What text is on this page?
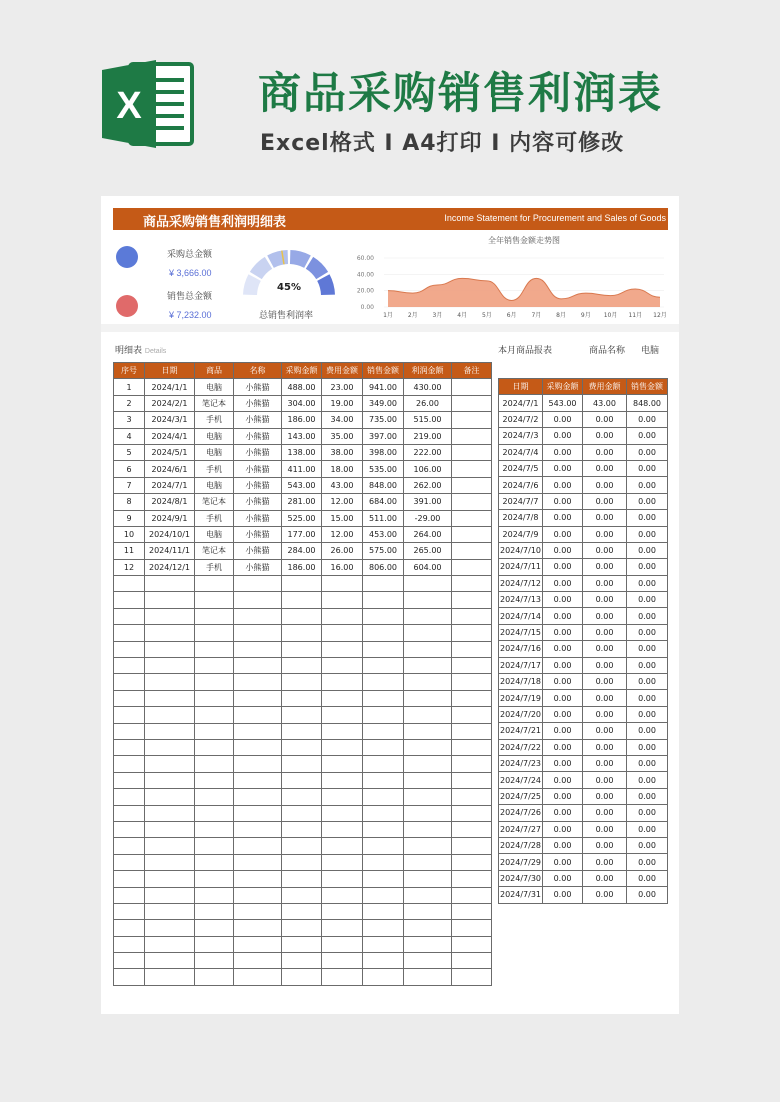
X	商品采购销售利润表
Excel格式 I A4打印 I 内容可修改
商品采购销售利润明细表	Income Statement for Procurement and Sales of Goods
采购总金额
¥ 3,666.00
销售总金额
¥ 7,232.00
45%
总销售利润率
全年销售金额走势图
0.00
20.00
40.00
60.00
1月 2月 3月 4月 5月 6月 7月 8月 9月 10月 11月 12月
明细表 Details	本月商品报表	商品名称 电脑
序号	日期	商品	名称	采购金额	费用金额	销售金额	利润金额	备注
1	2024/1/1	电脑	小熊猫	488.00	23.00	941.00	430.00	
2	2024/2/1	笔记本	小熊猫	304.00	19.00	349.00	26.00	
3	2024/3/1	手机	小熊猫	186.00	34.00	735.00	515.00	
4	2024/4/1	电脑	小熊猫	143.00	35.00	397.00	219.00	
5	2024/5/1	电脑	小熊猫	138.00	38.00	398.00	222.00	
6	2024/6/1	手机	小熊猫	411.00	18.00	535.00	106.00	
7	2024/7/1	电脑	小熊猫	543.00	43.00	848.00	262.00	
8	2024/8/1	笔记本	小熊猫	281.00	12.00	684.00	391.00	
9	2024/9/1	手机	小熊猫	525.00	15.00	511.00	-29.00	
10	2024/10/1	电脑	小熊猫	177.00	12.00	453.00	264.00	
11	2024/11/1	笔记本	小熊猫	284.00	26.00	575.00	265.00	
12	2024/12/1	手机	小熊猫	186.00	16.00	806.00	604.00	

日期	采购金额	费用金额	销售金额
2024/7/1	543.00	43.00	848.00
2024/7/2	0.00	0.00	0.00
2024/7/3	0.00	0.00	0.00
2024/7/4	0.00	0.00	0.00
2024/7/5	0.00	0.00	0.00
2024/7/6	0.00	0.00	0.00
2024/7/7	0.00	0.00	0.00
2024/7/8	0.00	0.00	0.00
2024/7/9	0.00	0.00	0.00
2024/7/10	0.00	0.00	0.00
2024/7/11	0.00	0.00	0.00
2024/7/12	0.00	0.00	0.00
2024/7/13	0.00	0.00	0.00
2024/7/14	0.00	0.00	0.00
2024/7/15	0.00	0.00	0.00
2024/7/16	0.00	0.00	0.00
2024/7/17	0.00	0.00	0.00
2024/7/18	0.00	0.00	0.00
2024/7/19	0.00	0.00	0.00
2024/7/20	0.00	0.00	0.00
2024/7/21	0.00	0.00	0.00
2024/7/22	0.00	0.00	0.00
2024/7/23	0.00	0.00	0.00
2024/7/24	0.00	0.00	0.00
2024/7/25	0.00	0.00	0.00
2024/7/26	0.00	0.00	0.00
2024/7/27	0.00	0.00	0.00
2024/7/28	0.00	0.00	0.00
2024/7/29	0.00	0.00	0.00
2024/7/30	0.00	0.00	0.00
2024/7/31	0.00	0.00	0.00
